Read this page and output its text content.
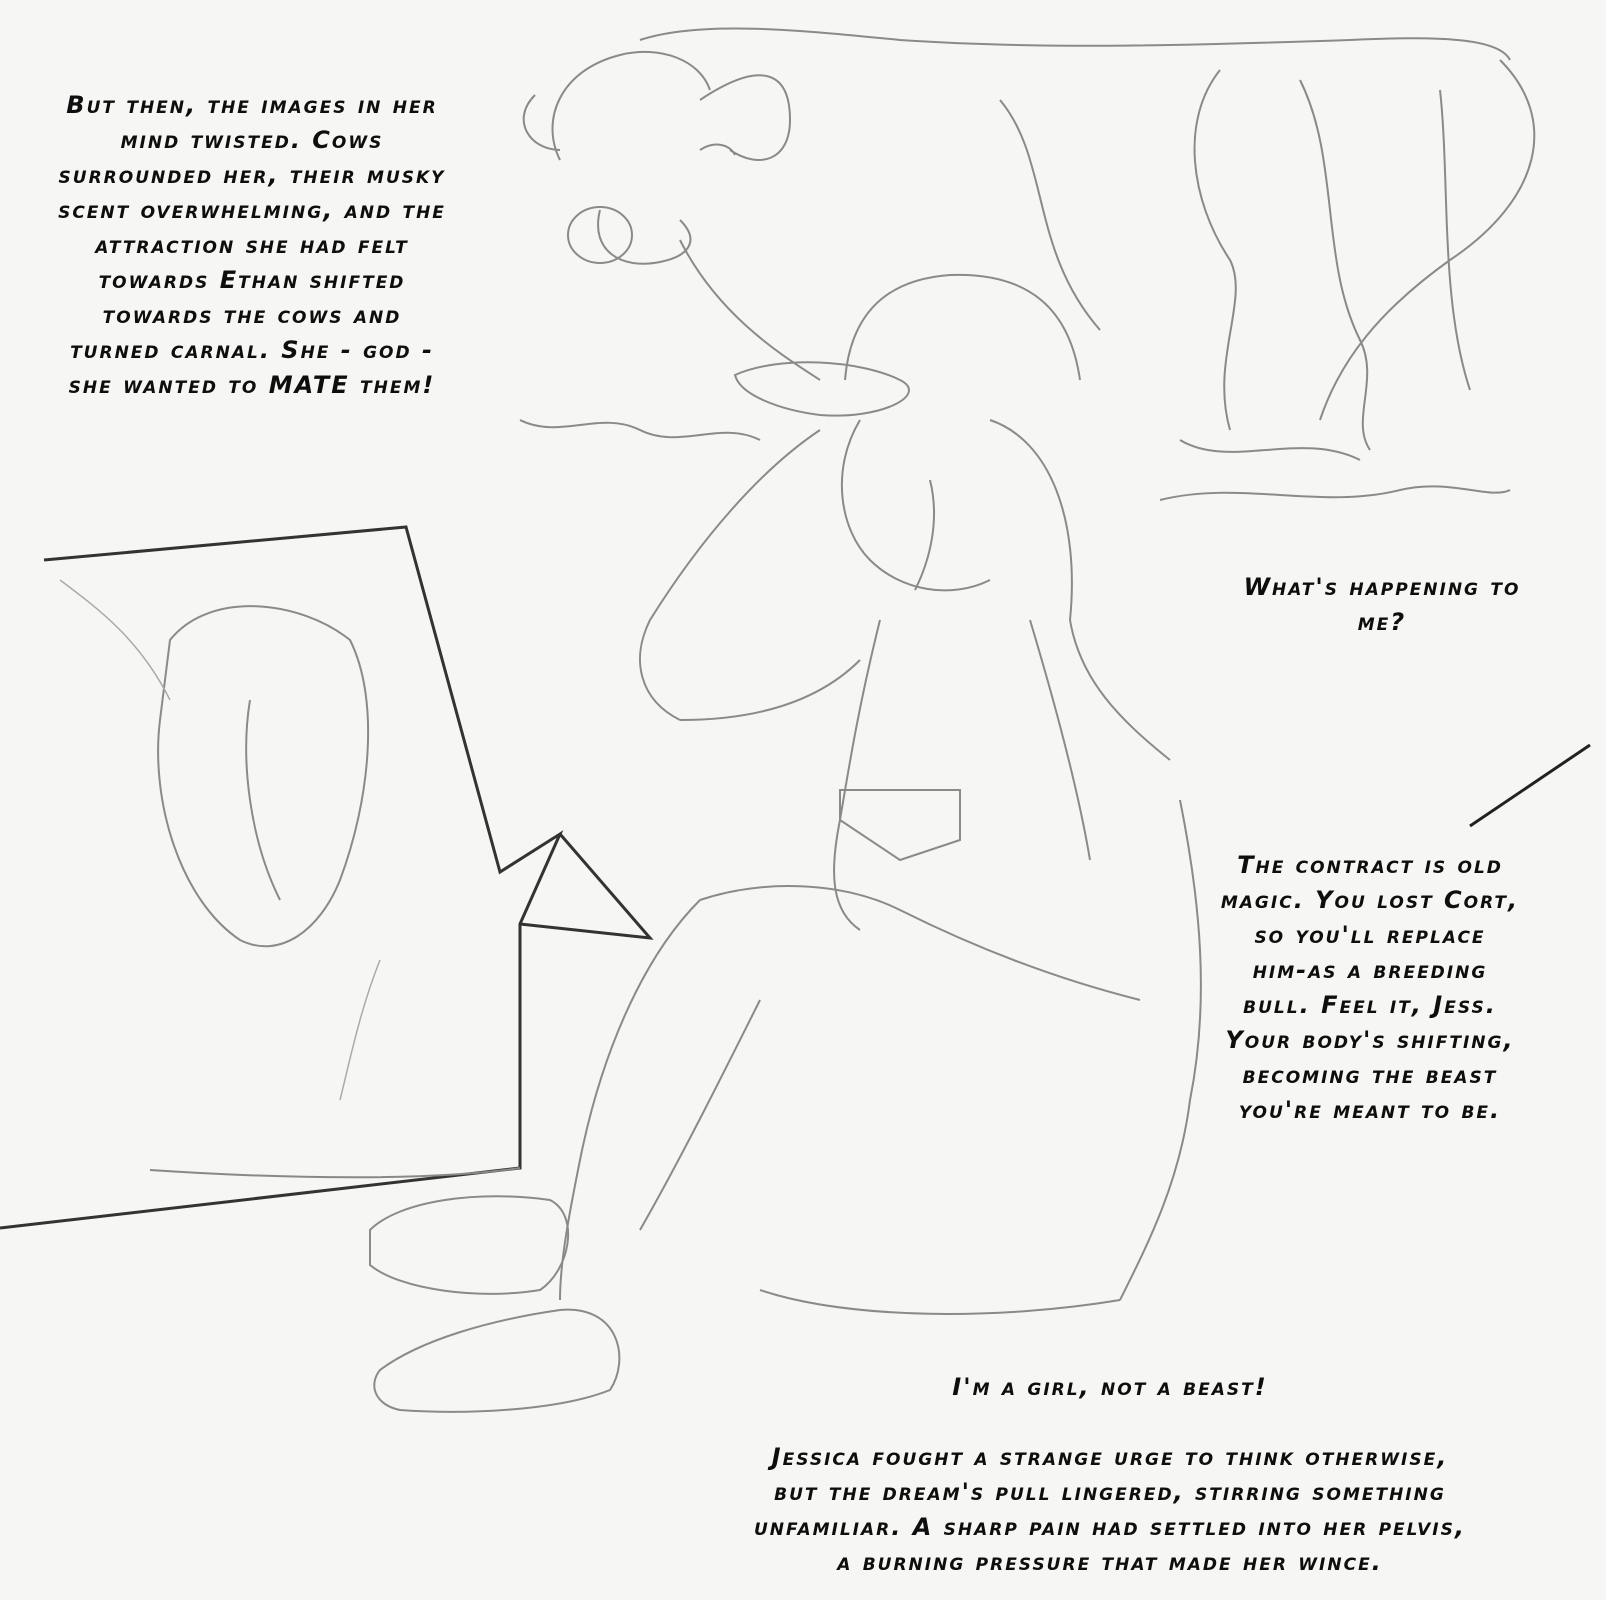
But then, the images in her
mind twisted. Cows
surrounded her, their musky
scent overwhelming, and the
attraction she had felt
towards Ethan shifted
towards the cows and
turned carnal. She - god -
she wanted to MATE them!
What's happening to
me?
The contract is old
magic. You lost Cort,
so you'll replace
him-as a breeding
bull. Feel it, Jess.
Your body's shifting,
becoming the beast
you're meant to be.
I'm a girl, not a beast!
Jessica fought a strange urge to think otherwise,
but the dream's pull lingered, stirring something
unfamiliar. A sharp pain had settled into her pelvis,
a burning pressure that made her wince.
